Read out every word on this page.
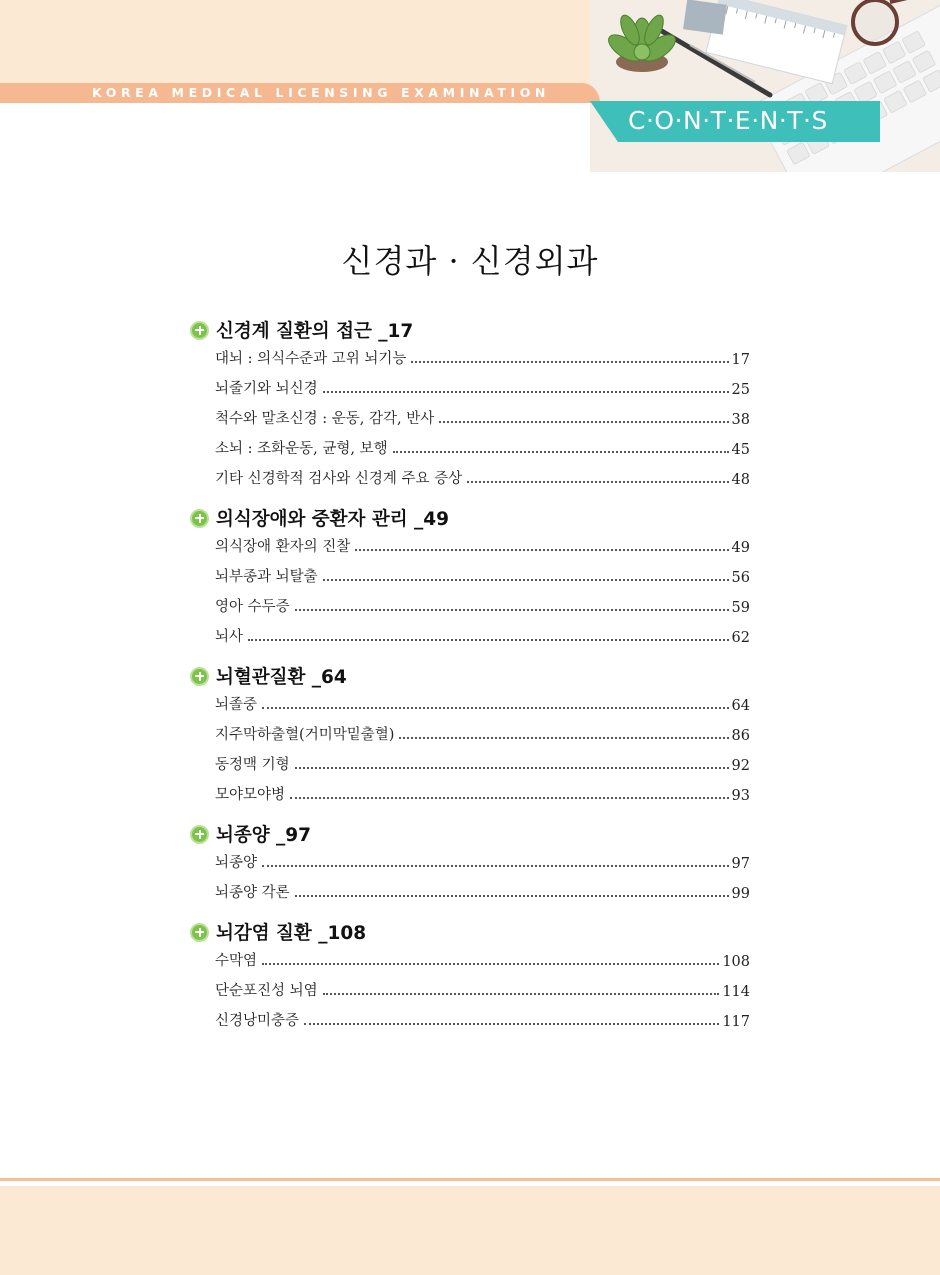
KOREA MEDICAL LICENSING EXAMINATION
C·O·N·T·E·N·T·S
신경과 · 신경외과
신경계 질환의 접근 _17
대뇌 : 의식수준과 고위 뇌기능	17
뇌줄기와 뇌신경	25
척수와 말초신경 : 운동, 감각, 반사	38
소뇌 : 조화운동, 균형, 보행	45
기타 신경학적 검사와 신경계 주요 증상	48
의식장애와 중환자 관리 _49
의식장애 환자의 진찰	49
뇌부종과 뇌탈출	56
영아 수두증	59
뇌사	62
뇌혈관질환 _64
뇌졸중	64
지주막하출혈(거미막밑출혈)	86
동정맥 기형	92
모야모야병	93
뇌종양 _97
뇌종양	97
뇌종양 각론	99
뇌감염 질환 _108
수막염	108
단순포진성 뇌염	114
신경낭미충증	117
